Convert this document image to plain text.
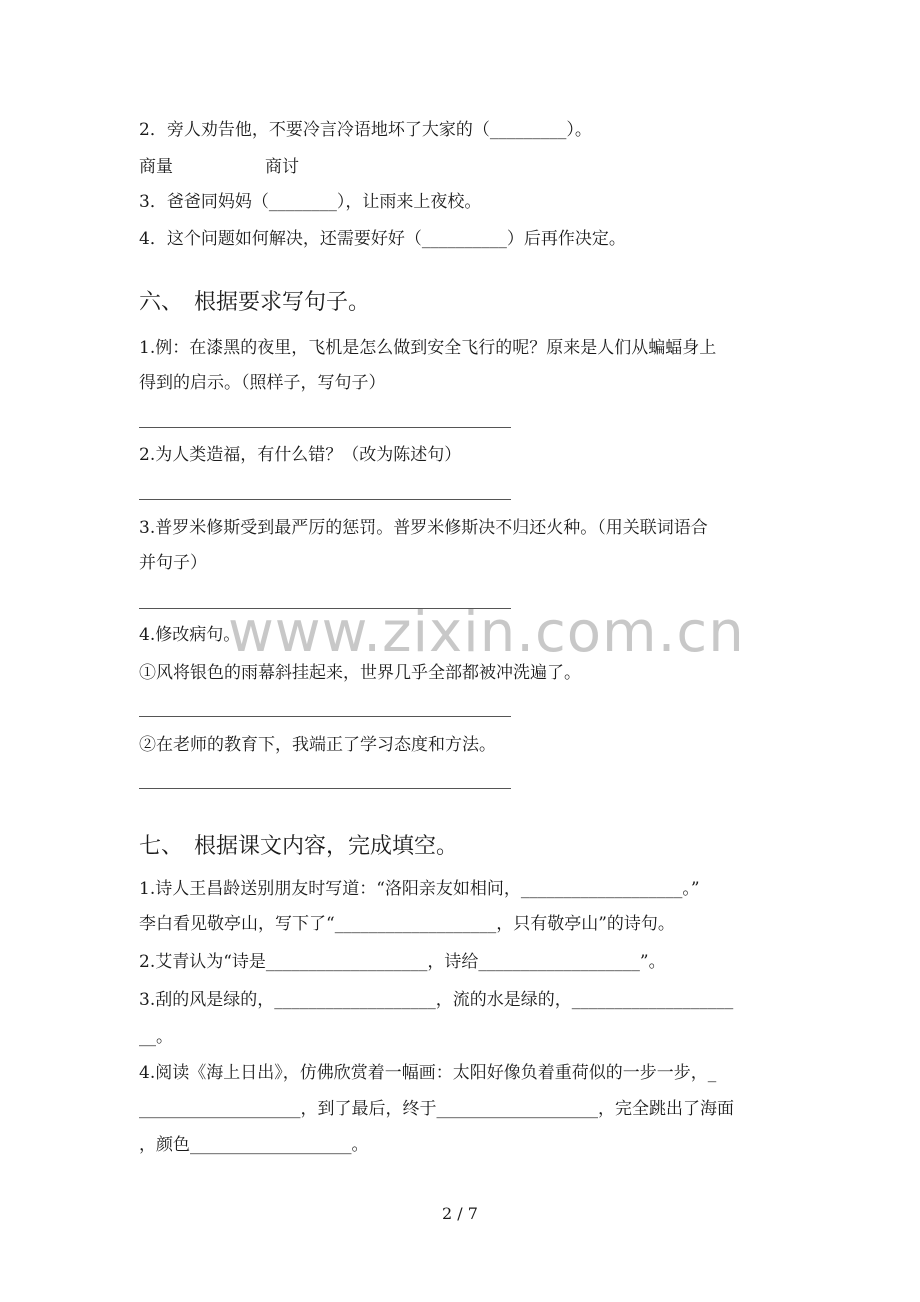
www.zixin.com.cn
2．旁人劝告他，不要冷言冷语地坏了大家的（_________）。
商量	商讨
3．爸爸同妈妈（________），让雨来上夜校。
4．这个问题如何解决，还需要好好（__________）后再作决定。
六、　根据要求写句子。
1.例：在漆黑的夜里，飞机是怎么做到安全飞行的呢？原来是人们从蝙蝠身上
得到的启示。（照样子，写句子）
2.为人类造福，有什么错？（改为陈述句）
3.普罗米修斯受到最严厉的惩罚。普罗米修斯决不归还火种。（用关联词语合
并句子）
4.修改病句。
①风将银色的雨幕斜挂起来，世界几乎全部都被冲洗遍了。
②在老师的教育下，我端正了学习态度和方法。
七、　根据课文内容，完成填空。
1.诗人王昌龄送别朋友时写道：“洛阳亲友如相问，___________________。”
李白看见敬亭山，写下了“___________________，只有敬亭山”的诗句。
2.艾青认为“诗是___________________，诗给___________________”。
3.刮的风是绿的，___________________，流的水是绿的，___________________
__。
4.阅读《海上日出》，仿佛欣赏着一幅画：太阳好像负着重荷似的一步一步，_
___________________，到了最后，终于___________________，完全跳出了海面
，颜色___________________。
2 / 7
